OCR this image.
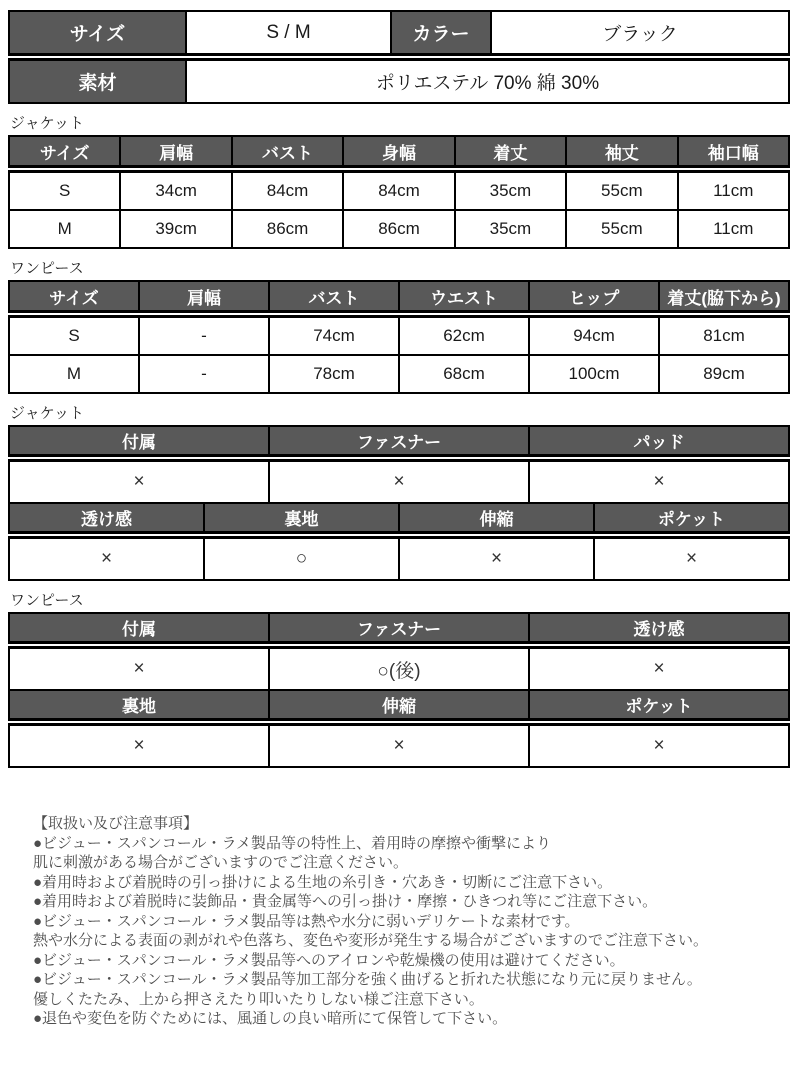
サイズ	S / M	カラー	ブラック
素材	ポリエステル 70% 綿 30%		
ジャケット
サイズ	肩幅	バスト	身幅	着丈	袖丈	袖口幅
S	34cm	84cm	84cm	35cm	55cm	11cm
M	39cm	86cm	86cm	35cm	55cm	11cm
ワンピース
サイズ	肩幅	バスト	ウエスト	ヒップ	着丈(脇下から)
S	-	74cm	62cm	94cm	81cm
M	-	78cm	68cm	100cm	89cm
ジャケット
付属	ファスナー	パッド
×	×	×
透け感	裏地	伸縮	ポケット
×	○	×	×
ワンピース
付属	ファスナー	透け感
×	○(後)	×
裏地	伸縮	ポケット
×	×	×
【取扱い及び注意事項】
●ビジュー・スパンコール・ラメ製品等の特性上、着用時の摩擦や衝撃により
肌に刺激がある場合がございますのでご注意ください。
●着用時および着脱時の引っ掛けによる生地の糸引き・穴あき・切断にご注意下さい。
●着用時および着脱時に装飾品・貴金属等への引っ掛け・摩擦・ひきつれ等にご注意下さい。
●ビジュー・スパンコール・ラメ製品等は熱や水分に弱いデリケートな素材です。
熱や水分による表面の剥がれや色落ち、変色や変形が発生する場合がございますのでご注意下さい。
●ビジュー・スパンコール・ラメ製品等へのアイロンや乾燥機の使用は避けてください。
●ビジュー・スパンコール・ラメ製品等加工部分を強く曲げると折れた状態になり元に戻りません。
優しくたたみ、上から押さえたり叩いたりしない様ご注意下さい。
●退色や変色を防ぐためには、風通しの良い暗所にて保管して下さい。
